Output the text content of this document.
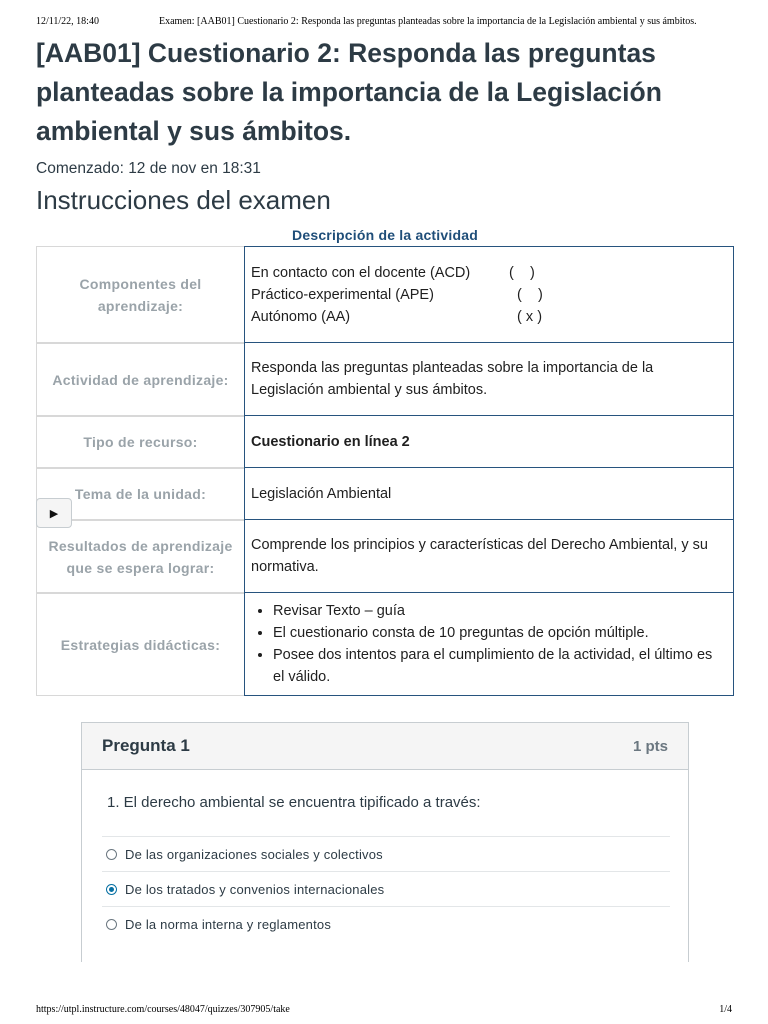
12/11/22, 18:40	Examen: [AAB01] Cuestionario 2: Responda las preguntas planteadas sobre la importancia de la Legislación ambiental y sus ámbitos.
[AAB01] Cuestionario 2: Responda las preguntas planteadas sobre la importancia de la Legislación ambiental y sus ámbitos.
Comenzado: 12 de nov en 18:31
Instrucciones del examen
Descripción de la actividad
Componentes del aprendizaje:
En contacto con el docente (ACD)	(    )
Práctico-experimental (APE)	(    )
Autónomo (AA)	( x )
Actividad de aprendizaje:
Responda las preguntas planteadas sobre la importancia de la Legislación ambiental y sus ámbitos.
Tipo de recurso:	Cuestionario en línea 2
Tema de la unidad:	Legislación Ambiental
Resultados de aprendizaje que se espera lograr:
Comprende los principios y características del Derecho Ambiental, y su normativa.
Estrategias didácticas:
• Revisar Texto – guía
• El cuestionario consta de 10 preguntas de opción múltiple.
• Posee dos intentos para el cumplimiento de la actividad, el último es el válido.
▶
Pregunta 1	1 pts
1. El derecho ambiental se encuentra tipificado a través:
De las organizaciones sociales y colectivos
De los tratados y convenios internacionales
De la norma interna y reglamentos
https://utpl.instructure.com/courses/48047/quizzes/307905/take	1/4
